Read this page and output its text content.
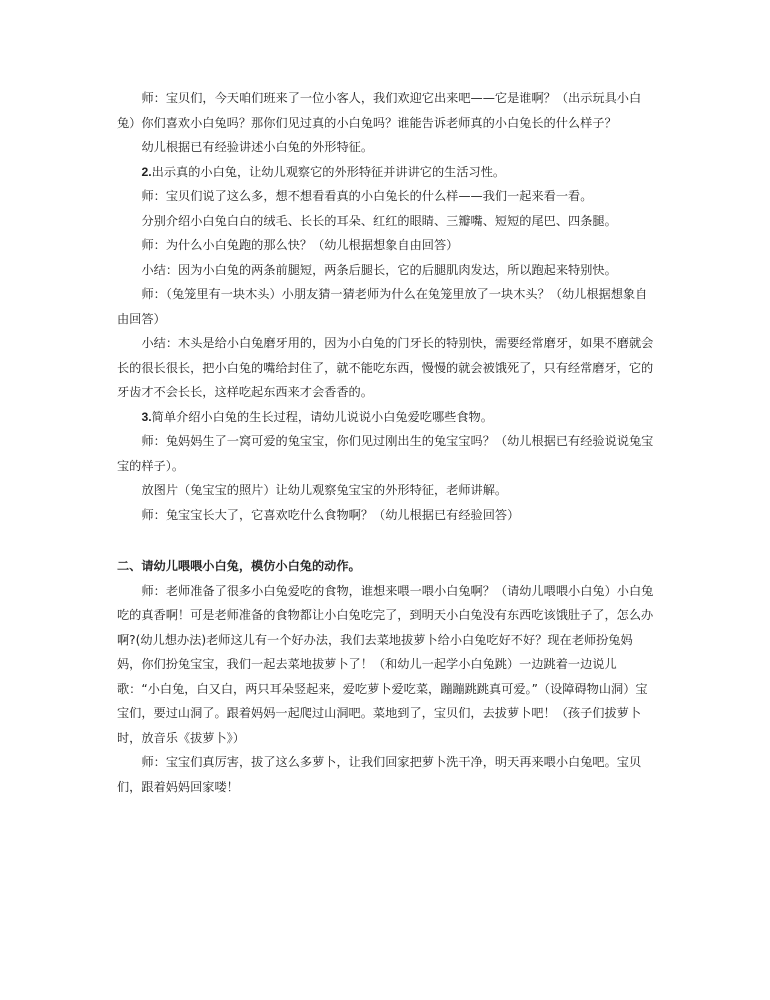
师：宝贝们，今天咱们班来了一位小客人，我们欢迎它出来吧——它是谁啊？（出示玩具小白兔）你们喜欢小白兔吗？那你们见过真的小白兔吗？谁能告诉老师真的小白兔长的什么样子？

幼儿根据已有经验讲述小白兔的外形特征。

2.出示真的小白兔，让幼儿观察它的外形特征并讲讲它的生活习性。

师：宝贝们说了这么多，想不想看看真的小白兔长的什么样——我们一起来看一看。

分别介绍小白兔白白的绒毛、长长的耳朵、红红的眼睛、三瓣嘴、短短的尾巴、四条腿。

师：为什么小白兔跑的那么快？（幼儿根据想象自由回答）

小结：因为小白兔的两条前腿短，两条后腿长，它的后腿肌肉发达，所以跑起来特别快。

师：（兔笼里有一块木头）小朋友猜一猜老师为什么在兔笼里放了一块木头？（幼儿根据想象自由回答）

小结：木头是给小白兔磨牙用的，因为小白兔的门牙长的特别快，需要经常磨牙，如果不磨就会长的很长很长，把小白兔的嘴给封住了，就不能吃东西，慢慢的就会被饿死了，只有经常磨牙，它的牙齿才不会长长，这样吃起东西来才会香香的。

3.简单介绍小白兔的生长过程，请幼儿说说小白兔爱吃哪些食物。

师：兔妈妈生了一窝可爱的兔宝宝，你们见过刚出生的兔宝宝吗？（幼儿根据已有经验说说兔宝宝的样子）。

放图片（兔宝宝的照片）让幼儿观察兔宝宝的外形特征，老师讲解。

师：兔宝宝长大了，它喜欢吃什么食物啊？（幼儿根据已有经验回答）

二、请幼儿喂喂小白兔，模仿小白兔的动作。

师：老师准备了很多小白兔爱吃的食物，谁想来喂一喂小白兔啊？（请幼儿喂喂小白兔）小白兔吃的真香啊！可是老师准备的食物都让小白兔吃完了，到明天小白兔没有东西吃该饿肚子了，怎么办啊?(幼儿想办法)老师这儿有一个好办法，我们去菜地拔萝卜给小白兔吃好不好？现在老师扮兔妈妈，你们扮兔宝宝，我们一起去菜地拔萝卜了！（和幼儿一起学小白兔跳）一边跳着一边说儿歌：“小白兔，白又白，两只耳朵竖起来，爱吃萝卜爱吃菜，蹦蹦跳跳真可爱。”（设障碍物山洞）宝宝们，要过山洞了。跟着妈妈一起爬过山洞吧。菜地到了，宝贝们，去拔萝卜吧！（孩子们拔萝卜时，放音乐《拔萝卜》）

师：宝宝们真厉害，拔了这么多萝卜，让我们回家把萝卜洗干净，明天再来喂小白兔吧。宝贝们，跟着妈妈回家喽！
